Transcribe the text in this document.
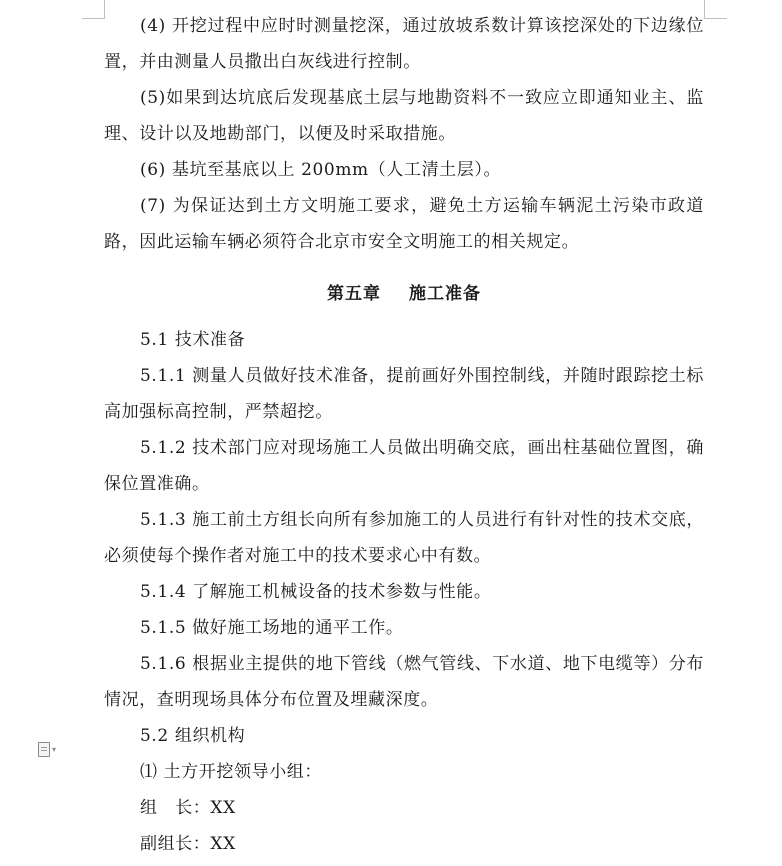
(4) 开挖过程中应时时测量挖深，通过放坡系数计算该挖深处的下边缘位置，并由测量人员撒出白灰线进行控制。

(5)如果到达坑底后发现基底土层与地勘资料不一致应立即通知业主、监理、设计以及地勘部门，以便及时采取措施。

(6) 基坑至基底以上 200mm（人工清土层）。

(7) 为保证达到土方文明施工要求，避免土方运输车辆泥土污染市政道路，因此运输车辆必须符合北京市安全文明施工的相关规定。

第五章 施工准备

5.1 技术准备

5.1.1 测量人员做好技术准备，提前画好外围控制线，并随时跟踪挖土标高加强标高控制，严禁超挖。

5.1.2 技术部门应对现场施工人员做出明确交底，画出柱基础位置图，确保位置准确。

5.1.3 施工前土方组长向所有参加施工的人员进行有针对性的技术交底，必须使每个操作者对施工中的技术要求心中有数。

5.1.4 了解施工机械设备的技术参数与性能。

5.1.5 做好施工场地的通平工作。

5.1.6 根据业主提供的地下管线（燃气管线、下水道、地下电缆等）分布情况，查明现场具体分布位置及埋藏深度。

5.2 组织机构

⑴ 土方开挖领导小组：

组　长：XX

副组长：XX

▾
